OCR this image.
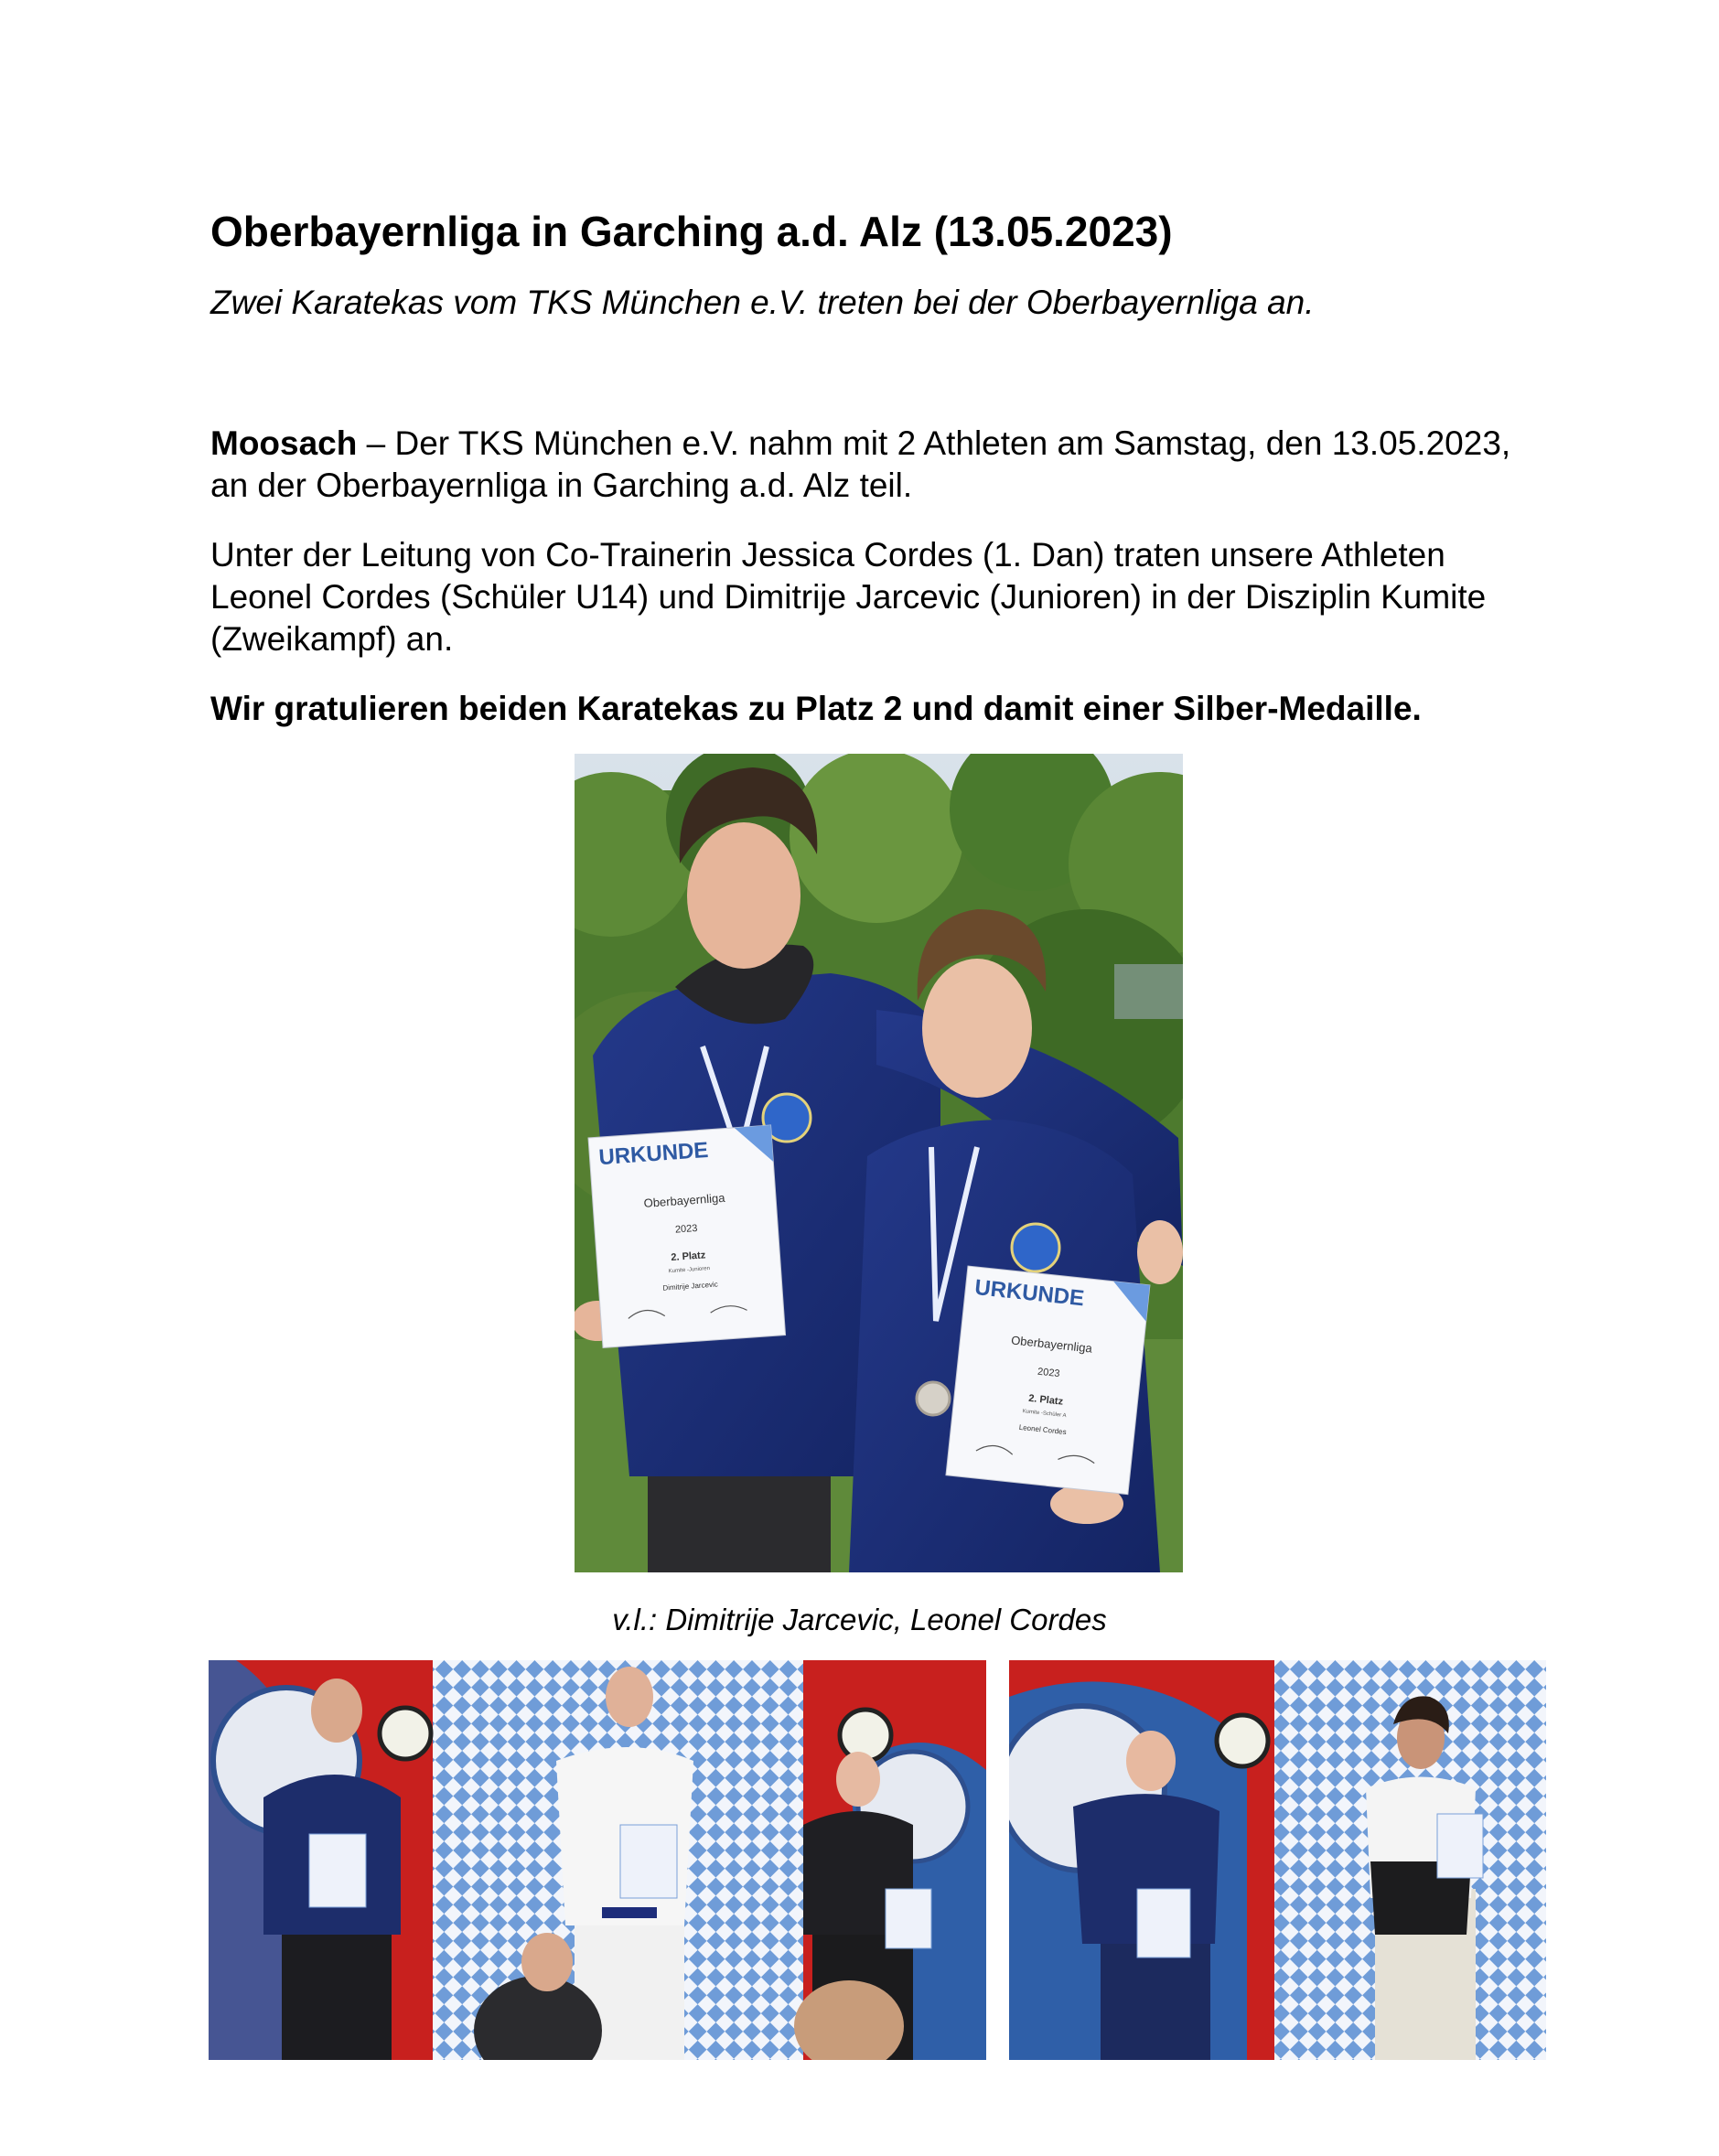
Oberbayernliga in Garching a.d. Alz (13.05.2023)

Zwei Karatekas vom TKS München e.V. treten bei der Oberbayernliga an.

Moosach – Der TKS München e.V. nahm mit 2 Athleten am Samstag, den 13.05.2023, an der Oberbayernliga in Garching a.d. Alz teil.

Unter der Leitung von Co-Trainerin Jessica Cordes (1. Dan) traten unsere Athleten Leonel Cordes (Schüler U14) und Dimitrije Jarcevic (Junioren) in der Disziplin Kumite (Zweikampf) an.

Wir gratulieren beiden Karatekas zu Platz 2 und damit einer Silber-Medaille.

URKUNDE
Oberbayernliga
2023
2. Platz
Kumite -Junioren
Dimitrije Jarcevic	URKUNDE
Oberbayernliga
2023
2. Platz
Kumite -Schüler A
Leonel Cordes

v.l.: Dimitrije Jarcevic, Leonel Cordes
